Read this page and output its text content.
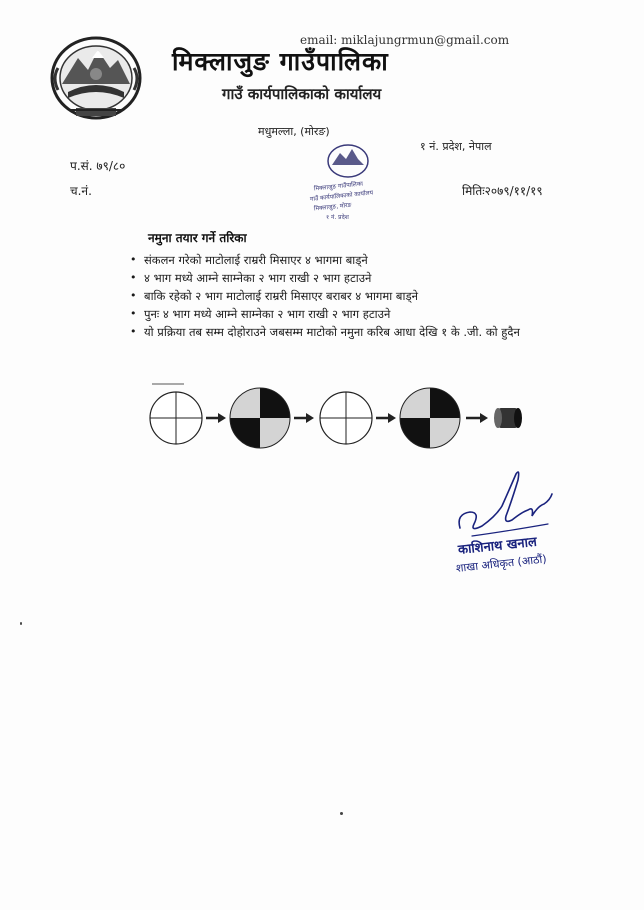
email: miklajungrmun@gmail.com
मिक्लाजुङ गाउँपालिका
गाउँ कार्यपालिकाको कार्यालय
मधुमल्ला, (मोरङ)
१ नं. प्रदेश, नेपाल
प.सं. ७९/८०
च.नं.	मितिः२०७९/११/१९
मिक्लाजुङ गाउँपालिका
गाउँ कार्यपालिकाको कार्यालय
मिक्लाजुङ, मोरङ
१ नं. प्रदेश
नमुना तयार गर्ने तरिका
• संकलन गरेको माटोलाई राम्ररी मिसाएर ४ भागमा बाड्ने
• ४ भाग मध्ये आम्ने साम्नेका २ भाग राखी २ भाग हटाउने
• बाकि रहेको २ भाग माटोलाई राम्ररी मिसाएर बराबर ४ भागमा बाड्ने
• पुनः ४ भाग मध्ये आम्ने साम्नेका २ भाग राखी २ भाग हटाउने
• यो प्रक्रिया तब सम्म दोहोराउने जबसम्म माटोको नमुना करिब आधा देखि १ के .जी. को हुदैन
काशिनाथ खनाल
शाखा अधिकृत (आठौं)
